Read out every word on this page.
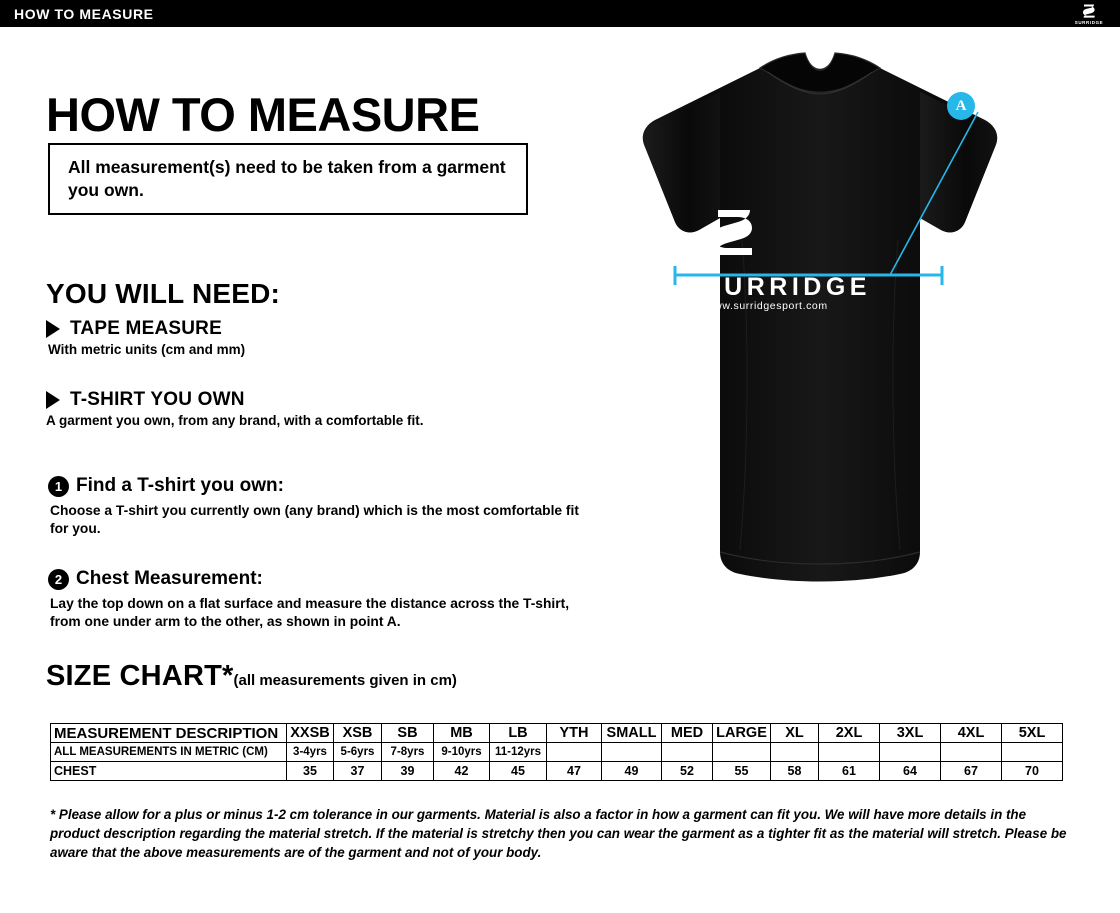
HOW TO MEASURE	SURRIDGE
HOW TO MEASURE
All measurement(s) need to be taken from a garment you own.
YOU WILL NEED:
TAPE MEASURE
With metric units (cm and mm)
T-SHIRT YOU OWN
A garment you own, from any brand, with a comfortable fit.
1 Find a T-shirt you own:
Choose a T-shirt you currently own (any brand) which is the most comfortable fit for you.
2 Chest Measurement:
Lay the top down on a flat surface and measure the distance across the T-shirt, from one under arm to the other, as shown in point A.
SURRIDGE
www.surridgesport.com
A
SIZE CHART*(all measurements given in cm)
MEASUREMENT DESCRIPTION	XXSB	XSB	SB	MB	LB	YTH	SMALL	MED	LARGE	XL	2XL	3XL	4XL	5XL
ALL MEASUREMENTS IN METRIC (CM)	3-4yrs	5-6yrs	7-8yrs	9-10yrs	11-12yrs									
CHEST	35	37	39	42	45	47	49	52	55	58	61	64	67	70
* Please allow for a plus or minus 1-2 cm tolerance in our garments. Material is also a factor in how a garment can fit you. We will have more details in the product description regarding the material stretch. If the material is stretchy then you can wear the garment as a tighter fit as the material will stretch. Please be aware that the above measurements are of the garment and not of your body.
